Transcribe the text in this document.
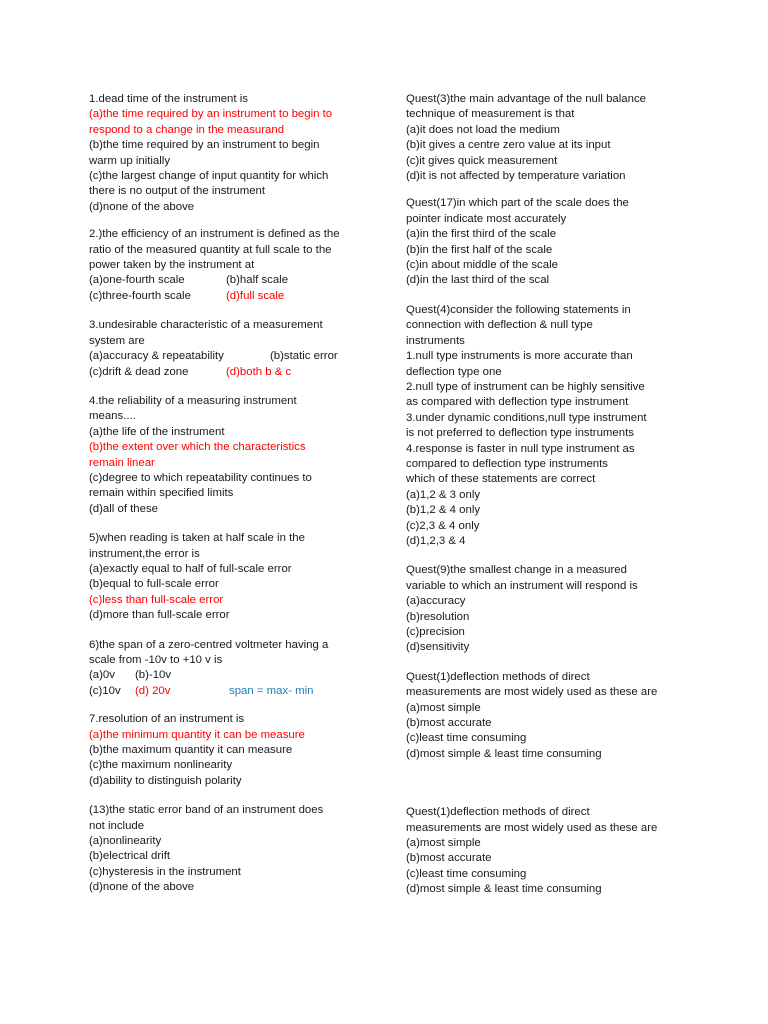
1.dead time of the instrument is
(a)the time required by an instrument to begin to
respond to a change in the measurand
(b)the time required by an instrument to begin
warm up initially
(c)the largest change of input quantity for which
there is no output of the instrument
(d)none of the above
2.)the efficiency of an instrument is defined as the
ratio of the measured quantity at full scale to the
power taken by the instrument at
(a)one-fourth scale	(b)half scale
(c)three-fourth scale	(d)full scale
3.undesirable characteristic of a measurement
system are
(a)accuracy & repeatability	(b)static error
(c)drift & dead zone	(d)both b & c
4.the reliability of a measuring instrument
means....
(a)the life of the instrument
(b)the extent over which the characteristics
remain linear
(c)degree to which repeatability continues to
remain within specified limits
(d)all of these
5)when reading is taken at half scale in the
instrument,the error is
(a)exactly equal to half of full-scale error
(b)equal to full-scale error
(c)less than full-scale error
(d)more than full-scale error
6)the span of a zero-centred voltmeter having a
scale from -10v to +10 v is
(a)0v (b)-10v
(c)10v (d) 20v	span = max- min
7.resolution of an instrument is
(a)the minimum quantity it can be measure
(b)the maximum quantity it can measure
(c)the maximum nonlinearity
(d)ability to distinguish polarity
(13)the static error band of an instrument does
not include
(a)nonlinearity
(b)electrical drift
(c)hysteresis in the instrument
(d)none of the above
Quest(3)the main advantage of the null balance
technique of measurement is that
(a)it does not load the medium
(b)it gives a centre zero value at its input
(c)it gives quick measurement
(d)it is not affected by temperature variation
Quest(17)in which part of the scale does the
pointer indicate most accurately
(a)in the first third of the scale
(b)in the first half of the scale
(c)in about middle of the scale
(d)in the last third of the scal
Quest(4)consider the following statements in
connection with deflection & null type
instruments
1.null type instruments is more accurate than
deflection type one
2.null type of instrument can be highly sensitive
as compared with deflection type instrument
3.under dynamic conditions,null type instrument
is not preferred to deflection type instruments
4.response is faster in null type instrument as
compared to deflection type instruments
which of these statements are correct
(a)1,2 & 3 only
(b)1,2 & 4 only
(c)2,3 & 4 only
(d)1,2,3 & 4
Quest(9)the smallest change in a measured
variable to which an instrument will respond is
(a)accuracy
(b)resolution
(c)precision
(d)sensitivity
Quest(1)deflection methods of direct
measurements are most widely used as these are
(a)most simple
(b)most accurate
(c)least time consuming
(d)most simple & least time consuming
Quest(1)deflection methods of direct
measurements are most widely used as these are
(a)most simple
(b)most accurate
(c)least time consuming
(d)most simple & least time consuming
